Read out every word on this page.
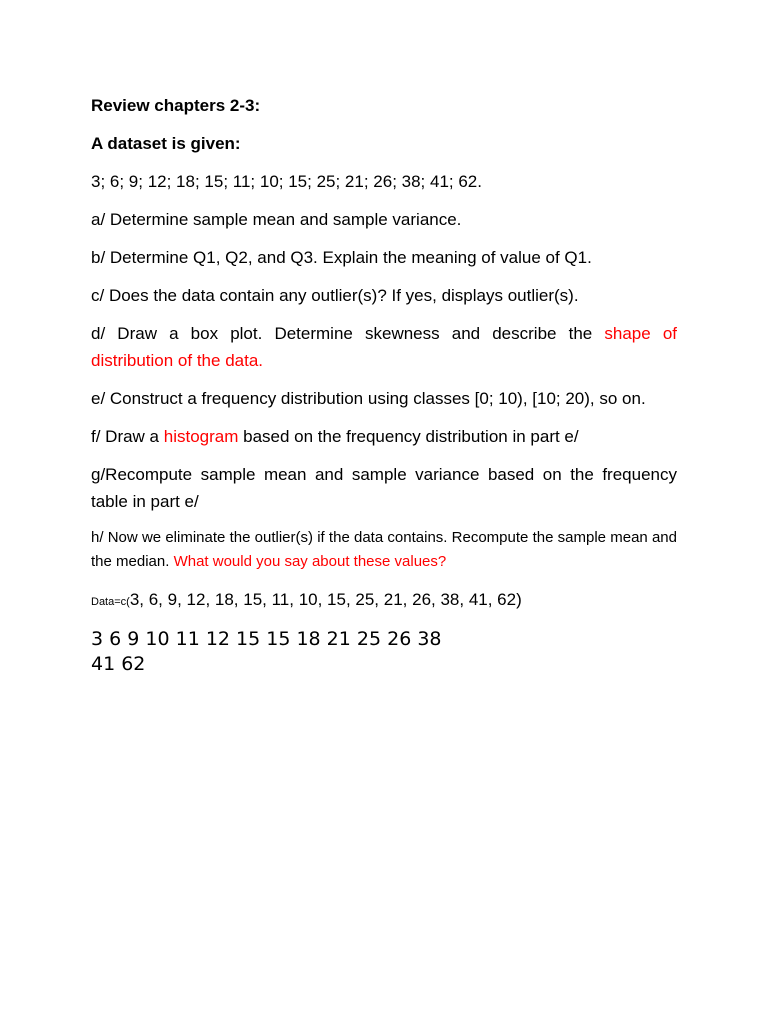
Review chapters 2-3:

A dataset is given:

3; 6; 9; 12; 18; 15; 11; 10; 15; 25; 21; 26; 38; 41; 62.

a/ Determine sample mean and sample variance.

b/ Determine Q1, Q2, and Q3. Explain the meaning of value of Q1.

c/ Does the data contain any outlier(s)? If yes, displays outlier(s).

d/ Draw a box plot. Determine skewness and describe the shape of distribution of the data.

e/ Construct a frequency distribution using classes [0; 10), [10; 20), so on.

f/ Draw a histogram based on the frequency distribution in part e/

g/Recompute sample mean and sample variance based on the frequency table in part e/

h/ Now we eliminate the outlier(s) if the data contains. Recompute the sample mean and the median. What would you say about these values?

Data=c(3, 6, 9, 12, 18, 15, 11, 10, 15, 25, 21, 26, 38, 41, 62)

3 6 9 10 11 12 15 15 18 21 25 26 38 41 62
